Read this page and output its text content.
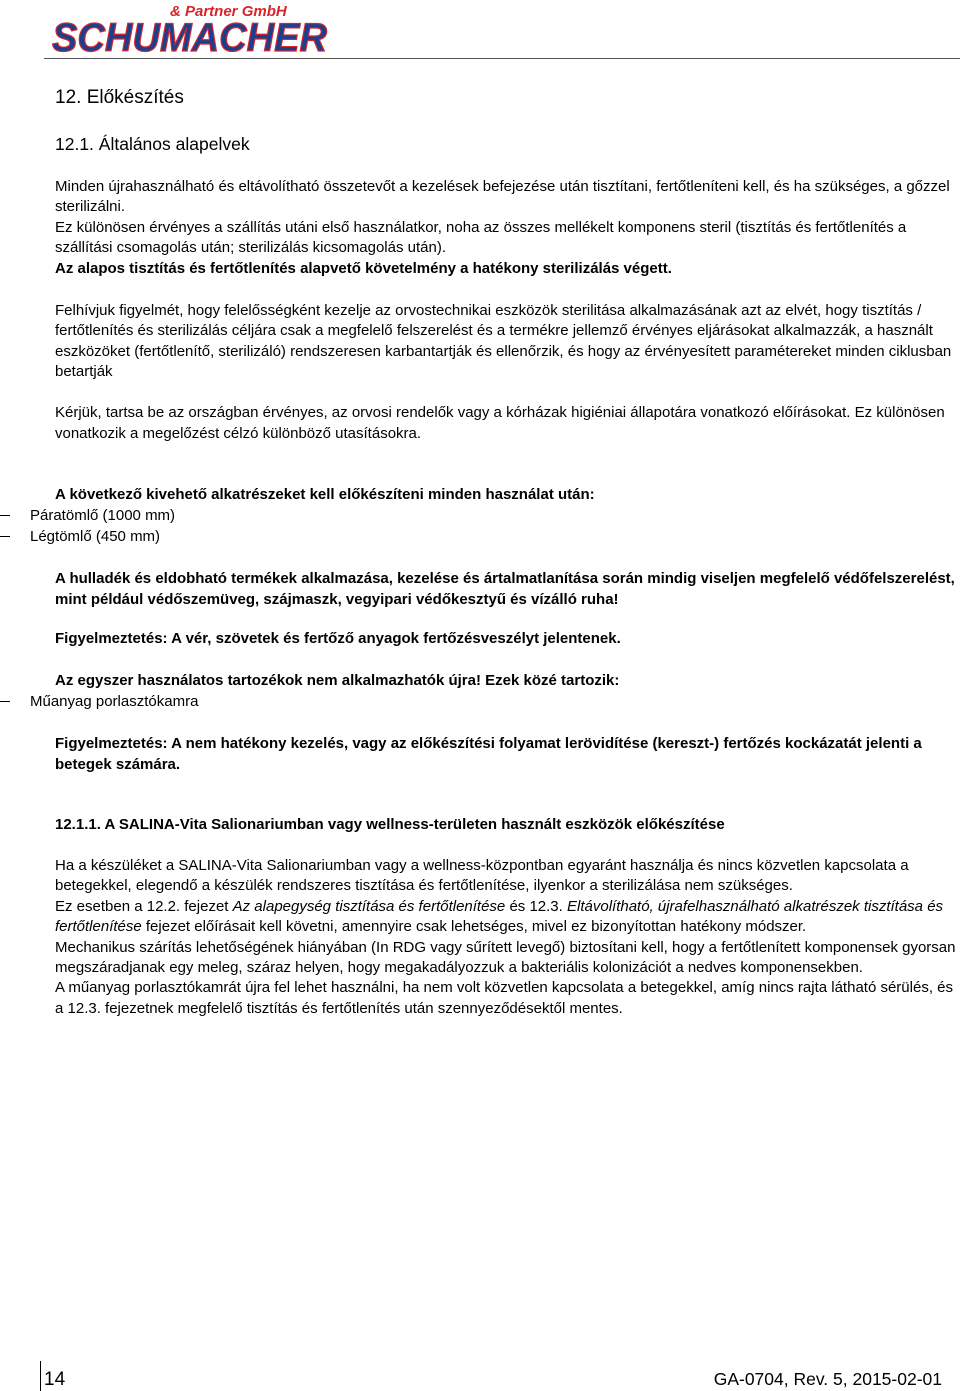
& Partner GmbH
SCHUMACHER
12. Előkészítés
12.1. Általános alapelvek

Minden újrahasználható és eltávolítható összetevőt a kezelések befejezése után tisztítani, fertőtleníteni kell, és ha szükséges, a gőzzel sterilizálni.

Ez különösen érvényes a szállítás utáni első használatkor, noha az összes mellékelt komponens steril (tisztítás és fertőtlenítés a szállítási csomagolás után; sterilizálás kicsomagolás után).

Az alapos tisztítás és fertőtlenítés alapvető követelmény a hatékony sterilizálás végett.

Felhívjuk figyelmét, hogy felelősségként kezelje az orvostechnikai eszközök sterilitása alkalmazásának azt az elvét, hogy tisztítás / fertőtlenítés és sterilizálás céljára csak a megfelelő felszerelést és a termékre jellemző érvényes eljárásokat alkalmazzák, a használt eszközöket (fertőtlenítő, sterilizáló) rendszeresen karbantartják és ellenőrzik, és hogy az érvényesített paramétereket minden ciklusban betartják

Kérjük, tartsa be az országban érvényes, az orvosi rendelők vagy a kórházak higiéniai állapotára vonatkozó előírásokat. Ez különösen vonatkozik a megelőzést célzó különböző utasításokra.

A következő kivehető alkatrészeket kell előkészíteni minden használat után:

Páratömlő (1000 mm)
Légtömlő (450 mm)

A hulladék és eldobható termékek alkalmazása, kezelése és ártalmatlanítása során mindig viseljen megfelelő védőfelszerelést, mint például védőszemüveg, szájmaszk, vegyipari védőkesztyű és vízálló ruha!

Figyelmeztetés: A vér, szövetek és fertőző anyagok fertőzésveszélyt jelentenek.

Az egyszer használatos tartozékok nem alkalmazhatók újra! Ezek közé tartozik:

Műanyag porlasztókamra

Figyelmeztetés: A nem hatékony kezelés, vagy az előkészítési folyamat lerövidítése (kereszt-) fertőzés kockázatát jelenti a betegek számára.

12.1.1. A SALINA-Vita Salionariumban vagy wellness-területen használt eszközök előkészítése

Ha a készüléket a SALINA-Vita Salionariumban vagy a wellness-központban egyaránt használja és nincs közvetlen kapcsolata a betegekkel, elegendő a készülék rendszeres tisztítása és fertőtlenítése, ilyenkor a sterilizálása nem szükséges.

Ez esetben a 12.2. fejezet Az alapegység tisztítása és fertőtlenítése és 12.3. Eltávolítható, újrafelhasználható alkatrészek tisztítása és fertőtlenítése fejezet előírásait kell követni, amennyire csak lehetséges, mivel ez bizonyítottan hatékony módszer.

Mechanikus szárítás lehetőségének hiányában (In RDG vagy sűrített levegő) biztosítani kell, hogy a fertőtlenített komponensek gyorsan megszáradjanak egy meleg, száraz helyen, hogy megakadályozzuk a bakteriális kolonizációt a nedves komponensekben.

A műanyag porlasztókamrát újra fel lehet használni, ha nem volt közvetlen kapcsolata a betegekkel, amíg nincs rajta látható sérülés, és a 12.3. fejezetnek megfelelő tisztítás és fertőtlenítés után szennyeződésektől mentes.

14	GA-0704, Rev. 5, 2015-02-01
